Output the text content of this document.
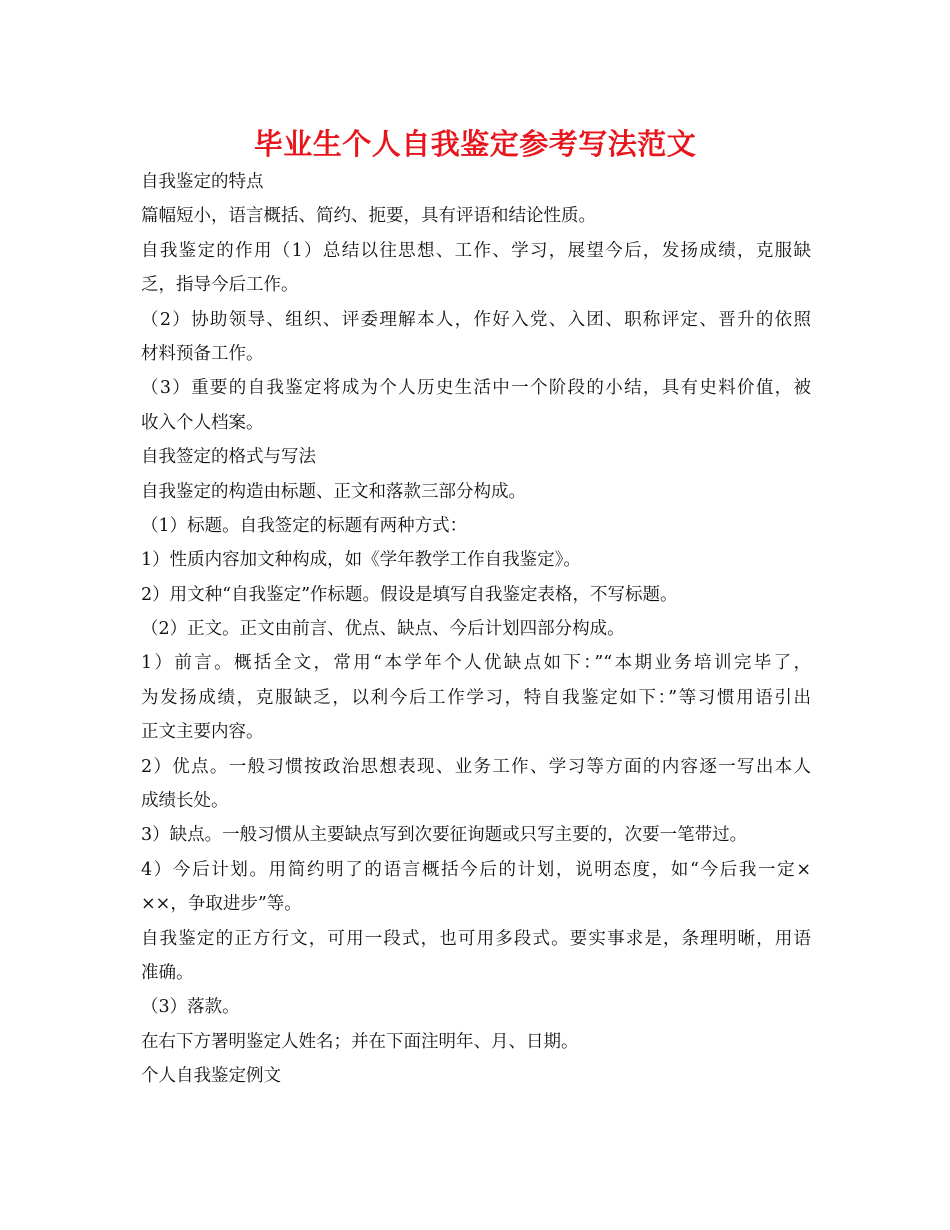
毕业生个人自我鉴定参考写法范文
自我鉴定的特点
篇幅短小，语言概括、简约、扼要，具有评语和结论性质。
自我鉴定的作用（1）总结以往思想、工作、学习，展望今后，发扬成绩，克服缺
乏，指导今后工作。
（2）协助领导、组织、评委理解本人，作好入党、入团、职称评定、晋升的依照
材料预备工作。
（3）重要的自我鉴定将成为个人历史生活中一个阶段的小结，具有史料价值，被
收入个人档案。
自我签定的格式与写法
自我鉴定的构造由标题、正文和落款三部分构成。
（1）标题。自我签定的标题有两种方式：
1）性质内容加文种构成，如《学年教学工作自我鉴定》。
2）用文种“自我鉴定”作标题。假设是填写自我鉴定表格，不写标题。
（2）正文。正文由前言、优点、缺点、今后计划四部分构成。
1）前言。概括全文，常用“本学年个人优缺点如下：”“本期业务培训完毕了，
为发扬成绩，克服缺乏，以利今后工作学习，特自我鉴定如下：”等习惯用语引出
正文主要内容。
2）优点。一般习惯按政治思想表现、业务工作、学习等方面的内容逐一写出本人
成绩长处。
3）缺点。一般习惯从主要缺点写到次要征询题或只写主要的，次要一笔带过。
4）今后计划。用简约明了的语言概括今后的计划，说明态度，如“今后我一定×
××，争取进步”等。
自我鉴定的正方行文，可用一段式，也可用多段式。要实事求是，条理明晰，用语
准确。
（3）落款。
在右下方署明鉴定人姓名；并在下面注明年、月、日期。
个人自我鉴定例文
